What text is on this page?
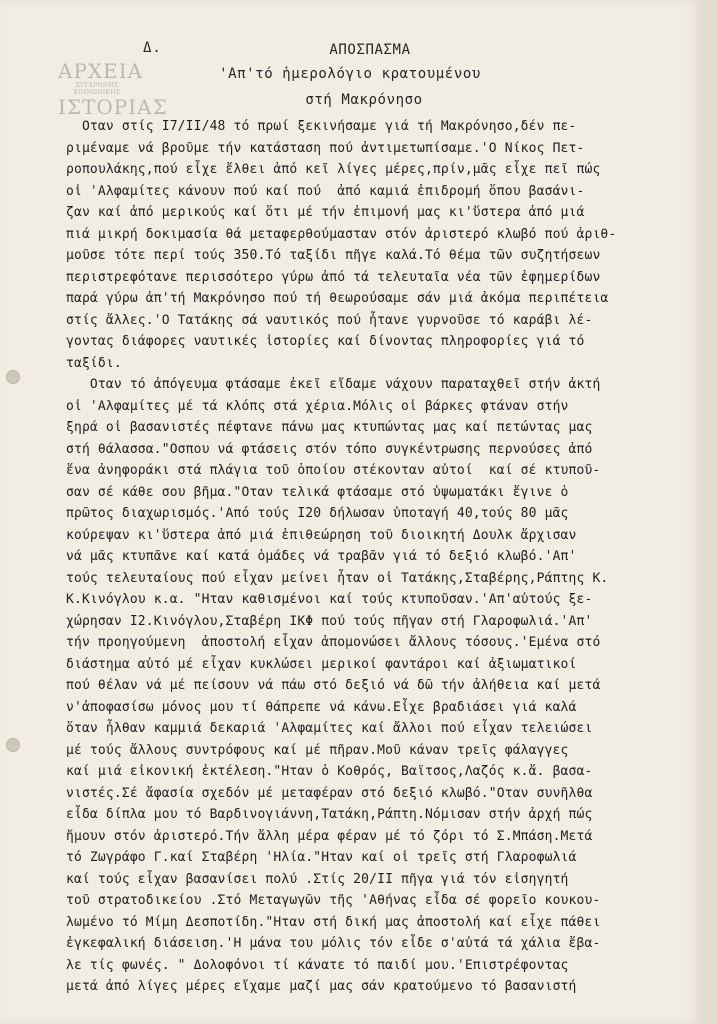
Δ.	ΑΠΟΣΠΑΣΜΑ
'Απ'τό ἡμερολόγιο κρατουμένου
στή Μακρόνησο
ΑΡΧΕΙΑ
ΣΥΓΧΡΟΝΗΣ
ΚΟΙΝΩΝΙΚΗΣ
ΙΣΤΟΡΙΑΣ
Οταν στίς I7/II/48 τό πρωί ξεκινήσαμε γιά τή Μακρόνησο,δέν πε-
ριμέναμε νά βροῦμε τήν κατάσταση πού ἀντιμετωπίσαμε.'Ο Νίκος Πετ-
ροπουλάκης,πού εἶχε ἔλθει ἀπό κεῖ λίγες μέρες,πρίν,μᾶς εἶχε πεῖ πώς
οἱ 'Αλφαμίτες κάνουν πού καί πού  ἀπό καμιά ἐπιδρομή ὅπου βασάνι-
ζαν καί ἀπό μερικούς καί ὅτι μέ τήν ἐπιμονή μας κι'ὕστερα ἀπό μιά
πιά μικρή δοκιμασία θά μεταφερθούμασταν στόν ἀριστερό κλωβό πού ἀριθ-
μοῦσε τότε περί τούς 350.Τό ταξίδι πῆγε καλά.Τό θέμα τῶν συζητήσεων
περιστρεφότανε περισσότερο γύρω ἀπό τά τελευταῖα νέα τῶν ἐφημερίδων
παρά γύρω ἀπ'τή Μακρόνησο πού τή θεωρούσαμε σάν μιά ἀκόμα περιπέτεια
στίς ἄλλες.'Ο Τατάκης σά ναυτικός πού ἦτανε γυρνοῦσε τό καράβι λέ-
γοντας διάφορες ναυτικές ἱστορίες καί δίνοντας πληροφορίες γιά τό
ταξίδι.
Οταν τό ἀπόγευμα φτάσαμε ἐκεῖ εἴδαμε νάχουν παραταχθεῖ στήν ἀκτή
οἱ 'Αλφαμίτες μέ τά κλόπς στά χέρια.Μόλις οἱ βάρκες φτάναν στήν
ξηρά οἱ βασανιστές πέφτανε πάνω μας κτυπώντας μας καί πετώντας μας
στή θάλασσα."Οσπου νά φτάσεις στόν τόπο συγκέντρωσης περνούσες ἀπό
ἕνα ἀνηφοράκι στά πλάγια τοῦ ὁποίου στέκονταν αὐτοί  καί σέ κτυποῦ-
σαν σέ κάθε σου βῆμα."Οταν τελικά φτάσαμε στό ὑψωματάκι ἔγινε ὁ
πρῶτος διαχωρισμός.'Από τούς I20 δήλωσαν ὑποταγή 40,τούς 80 μᾶς
κούρεψαν κι'ὕστερα ἀπό μιά ἐπιθεώρηση τοῦ διοικητή Δουλκ ἄρχισαν
νά μᾶς κτυπᾶνε καί κατά ὁμάδες νά τραβᾶν γιά τό δεξιό κλωβό.'Απ'
τούς τελευταίους πού εἶχαν μείνει ἦταν οἱ Τατάκης,Σταβέρης,Ράπτης Κ.
Κ.Κινόγλου κ.α. "Ηταν καθισμένοι καί τούς κτυποῦσαν.'Απ'αὐτούς ξε-
χώρησαν I2.Κινόγλου,Σταβέρη ΙΚΦ πού τούς πῆγαν στή Γλαροφωλιά.'Απ'
τήν προηγούμενη  ἀποστολή εἶχαν ἀπομονώσει ἄλλους τόσους.'Εμένα στό
διάστημα αὐτό μέ εἶχαν κυκλώσει μερικοί φαντάροι καί ἀξιωματικοί
πού θέλαν νά μέ πείσουν νά πάω στό δεξιό νά δῶ τήν ἀλήθεια καί μετά
ν'ἀποφασίσω μόνος μου τί θάπρεπε νά κάνω.Εἶχε βραδιάσει γιά καλά
ὅταν ἦλθαν καμμιά δεκαριά 'Αλφαμίτες καί ἄλλοι πού εἶχαν τελειώσει
μέ τούς ἄλλους συντρόφους καί μέ πῆραν.Μοῦ κάναν τρεῖς φάλαγγες
καί μιά εἰκονική ἐκτέλεση."Ηταν ὁ Κοθρός, Βαϊτσος,Λαζός κ.ἄ. βασα-
νιστές.Σέ ἄφασία σχεδόν μέ μεταφέραν στό δεξιό κλωβό."Οταν συνῆλθα
εἶδα δίπλα μου τό Βαρδινογιάννη,Τατάκη,Ράπτη.Νόμισαν στήν ἀρχή πώς
ἤμουν στόν ἀριστερό.Τήν ἄλλη μέρα φέραν μέ τό ζόρι τό Σ.Μπάση.Μετά
τό Ζωγράφο Γ.καί Σταβέρη 'Ηλία."Ηταν καί οἱ τρεῖς στή Γλαροφωλιά
καί τούς εἶχαν βασανίσει πολύ .Στίς 20/II πῆγα γιά τόν εἰσηγητή
τοῦ στρατοδικείου .Στό Μεταγωγῶν τῆς 'Αθήνας εἶδα σέ φορεῖο κουκου-
λωμένο τό Μίμη Δεσποτίδη."Ηταν στή δική μας ἀποστολή καί εἶχε πάθει
ἐγκεφαλική διάσειση.'Η μάνα του μόλις τόν εἶδε σ'αὐτά τά χάλια ἔβα-
λε τίς φωνές. " Δολοφόνοι τί κάνατε τό παιδί μου.'Επιστρέφοντας
μετά ἀπό λίγες μέρες εἴχαμε μαζί μας σάν κρατούμενο τό βασανιστή
